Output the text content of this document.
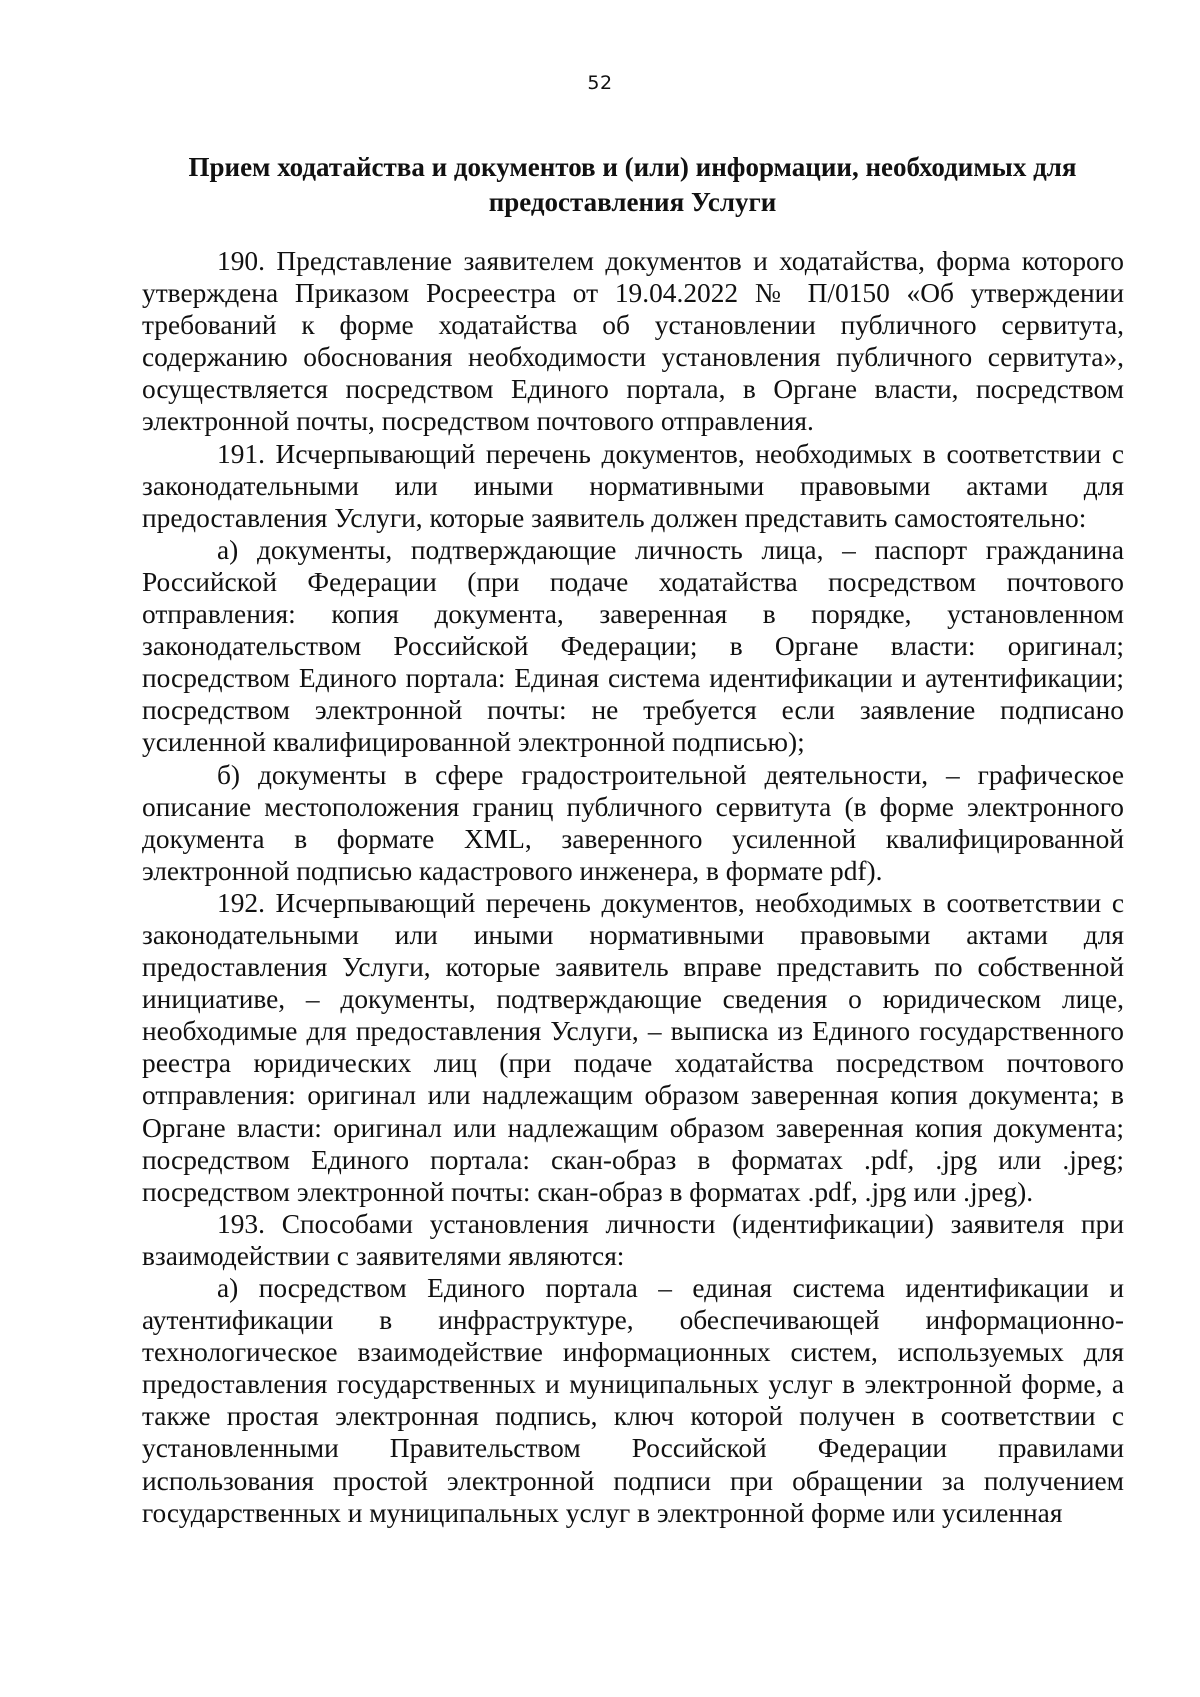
52
Прием ходатайства и документов и (или) информации, необходимых для
предоставления Услуги

190. Представление заявителем документов и ходатайства, форма которого утверждена Приказом Росреестра от 19.04.2022 № П/0150 «Об утверждении требований к форме ходатайства об установлении публичного сервитута, содержанию обоснования необходимости установления публичного сервитута», осуществляется посредством Единого портала, в Органе власти, посредством электронной почты, посредством почтового отправления.

191. Исчерпывающий перечень документов, необходимых в соответствии с законодательными или иными нормативными правовыми актами для предоставления Услуги, которые заявитель должен представить самостоятельно:

а) документы, подтверждающие личность лица, – паспорт гражданина Российской Федерации (при подаче ходатайства посредством почтового отправления: копия документа, заверенная в порядке, установленном законодательством Российской Федерации; в Органе власти: оригинал; посредством Единого портала: Единая система идентификации и аутентификации; посредством электронной почты: не требуется если заявление подписано усиленной квалифицированной электронной подписью);

б) документы в сфере градостроительной деятельности, – графическое описание местоположения границ публичного сервитута (в форме электронного документа в формате XML, заверенного усиленной квалифицированной электронной подписью кадастрового инженера, в формате pdf).

192. Исчерпывающий перечень документов, необходимых в соответствии с законодательными или иными нормативными правовыми актами для предоставления Услуги, которые заявитель вправе представить по собственной инициативе, – документы, подтверждающие сведения о юридическом лице, необходимые для предоставления Услуги, – выписка из Единого государственного реестра юридических лиц (при подаче ходатайства посредством почтового отправления: оригинал или надлежащим образом заверенная копия документа; в Органе власти: оригинал или надлежащим образом заверенная копия документа; посредством Единого портала: скан-образ в форматах .pdf, .jpg или .jpeg; посредством электронной почты: скан-образ в форматах .pdf, .jpg или .jpeg).

193. Способами установления личности (идентификации) заявителя при взаимодействии с заявителями являются:

а) посредством Единого портала – единая система идентификации и аутентификации в инфраструктуре, обеспечивающей информационно-технологическое взаимодействие информационных систем, используемых для предоставления государственных и муниципальных услуг в электронной форме, а также простая электронная подпись, ключ которой получен в соответствии с установленными Правительством Российской Федерации правилами использования простой электронной подписи при обращении за получением государственных и муниципальных услуг в электронной форме или усиленная
